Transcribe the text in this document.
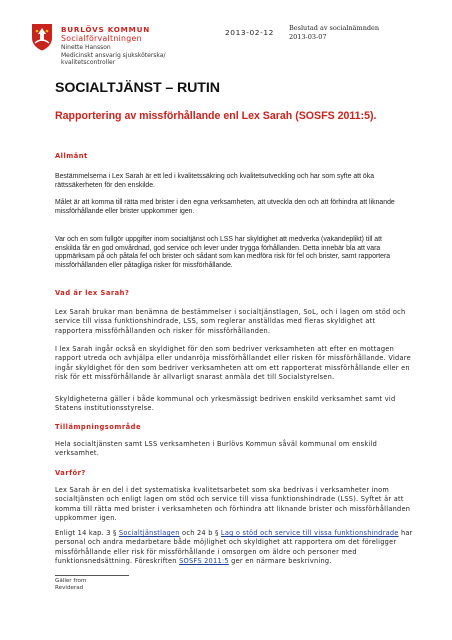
BURLÖVS KOMMUN
Socialförvaltningen
Ninette Hansson
Medicinskt ansvarig sjuksköterska/
kvalitetscontroller
2013-02-12 Beslutad av socialnämnden
2013-03-07
SOCIALTJÄNST – RUTIN
Rapportering av missförhållande enl Lex Sarah (SOSFS 2011:5).
Allmänt

Bestämmelserna i Lex Sarah är ett led i kvalitetssäkring och kvalitetsutveckling och har som syfte att öka rättssäkerheten för den enskilde.

Målet är att komma till rätta med brister i den egna verksamheten, att utveckla den och att förhindra att liknande missförhållande eller brister uppkommer igen.

Var och en som fullgör uppgifter inom socialtjänst och LSS har skyldighet att medverka (vakandeplikt) till att enskilda får en god omvårdnad, god service och lever under trygga förhållanden. Detta innebär bla att vara uppmärksam på och påtala fel och brister och sådant som kan medföra risk för fel och brister, samt rapportera missförhållanden eller påtagliga risker för missförhållande.

Vad är lex Sarah?

Lex Sarah brukar man benämna de bestämmelser i socialtjänstlagen, SoL, och i lagen om stöd och service till vissa funktionshindrade, LSS, som reglerar anställdas med fleras skyldighet att rapportera missförhållanden och risker för missförhållanden.

I lex Sarah ingår också en skyldighet för den som bedriver verksamheten att efter en mottagen rapport utreda och avhjälpa eller undanröja missförhållandet eller risken för missförhållande. Vidare ingår skyldighet för den som bedriver verksamheten att om ett rapporterat missförhållande eller en risk för ett missförhållande är allvarligt snarast anmäla det till Socialstyrelsen.

Skyldigheterna gäller i både kommunal och yrkesmässigt bedriven enskild verksamhet samt vid Statens institutionsstyrelse.

Tillämpningsområde

Hela socialtjänsten samt LSS verksamheten i Burlövs Kommun såväl kommunal om enskild verksamhet.

Varför?

Lex Sarah är en del i det systematiska kvalitetsarbetet som ska bedrivas i verksamheter inom socialtjänsten och enligt lagen om stöd och service till vissa funktionshindrade (LSS). Syftet är att komma till rätta med brister i verksamheten och förhindra att liknande brister och missförhållanden uppkommer igen.

Enligt 14 kap. 3 § Socialtjänstlagen och 24 b § Lag o stöd och service till vissa funktionshindrade har personal och andra medarbetare både möjlighet och skyldighet att rapportera om det föreligger missförhållande eller risk för missförhållande i omsorgen om äldre och personer med funktionsnedsättning. Föreskriften SOSFS 2011:5 ger en närmare beskrivning.

Gäller from
Reviderad
